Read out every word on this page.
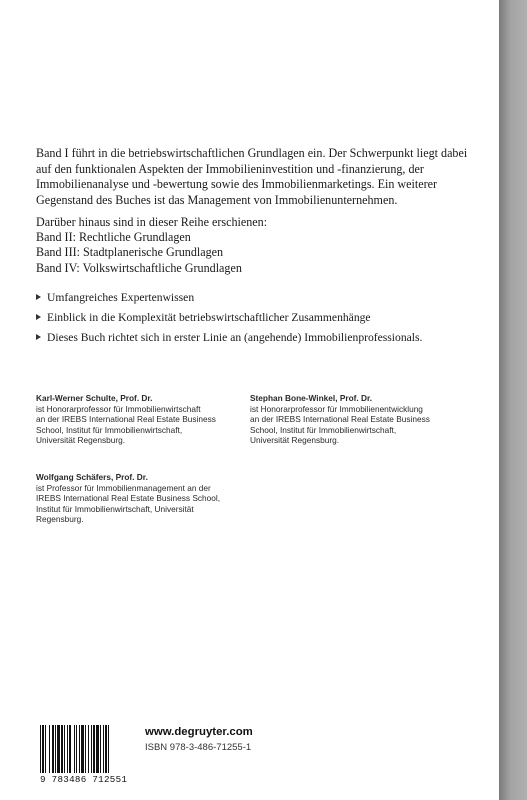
Band I führt in die betriebswirtschaftlichen Grundlagen ein. Der Schwerpunkt liegt dabei auf den funktionalen Aspekten der Immobilieninvestition und -finanzierung, der Immobilienanalyse und -bewertung sowie des Immobilienmarketings. Ein weiterer Gegenstand des Buches ist das Management von Immobilienunternehmen.

Darüber hinaus sind in dieser Reihe erschienen:
Band II: Rechtliche Grundlagen
Band III: Stadtplanerische Grundlagen
Band IV: Volkswirtschaftliche Grundlagen
Umfangreiches Expertenwissen
Einblick in die Komplexität betriebswirtschaftlicher Zusammenhänge
Dieses Buch richtet sich in erster Linie an (angehende) Immobilienprofessionals.
Karl-Werner Schulte, Prof. Dr.
ist Honorarprofessor für Immobilienwirtschaft
an der IREBS International Real Estate Business
School, Institut für Immobilienwirtschaft,
Universität Regensburg.
Stephan Bone-Winkel, Prof. Dr.
ist Honorarprofessor für Immobilienentwicklung
an der IREBS International Real Estate Business
School, Institut für Immobilienwirtschaft,
Universität Regensburg.
Wolfgang Schäfers, Prof. Dr.
ist Professor für Immobilienmanagement an der
IREBS International Real Estate Business School,
Institut für Immobilienwirtschaft, Universität
Regensburg.
9 783486 712551
www.degruyter.com
ISBN 978-3-486-71255-1
